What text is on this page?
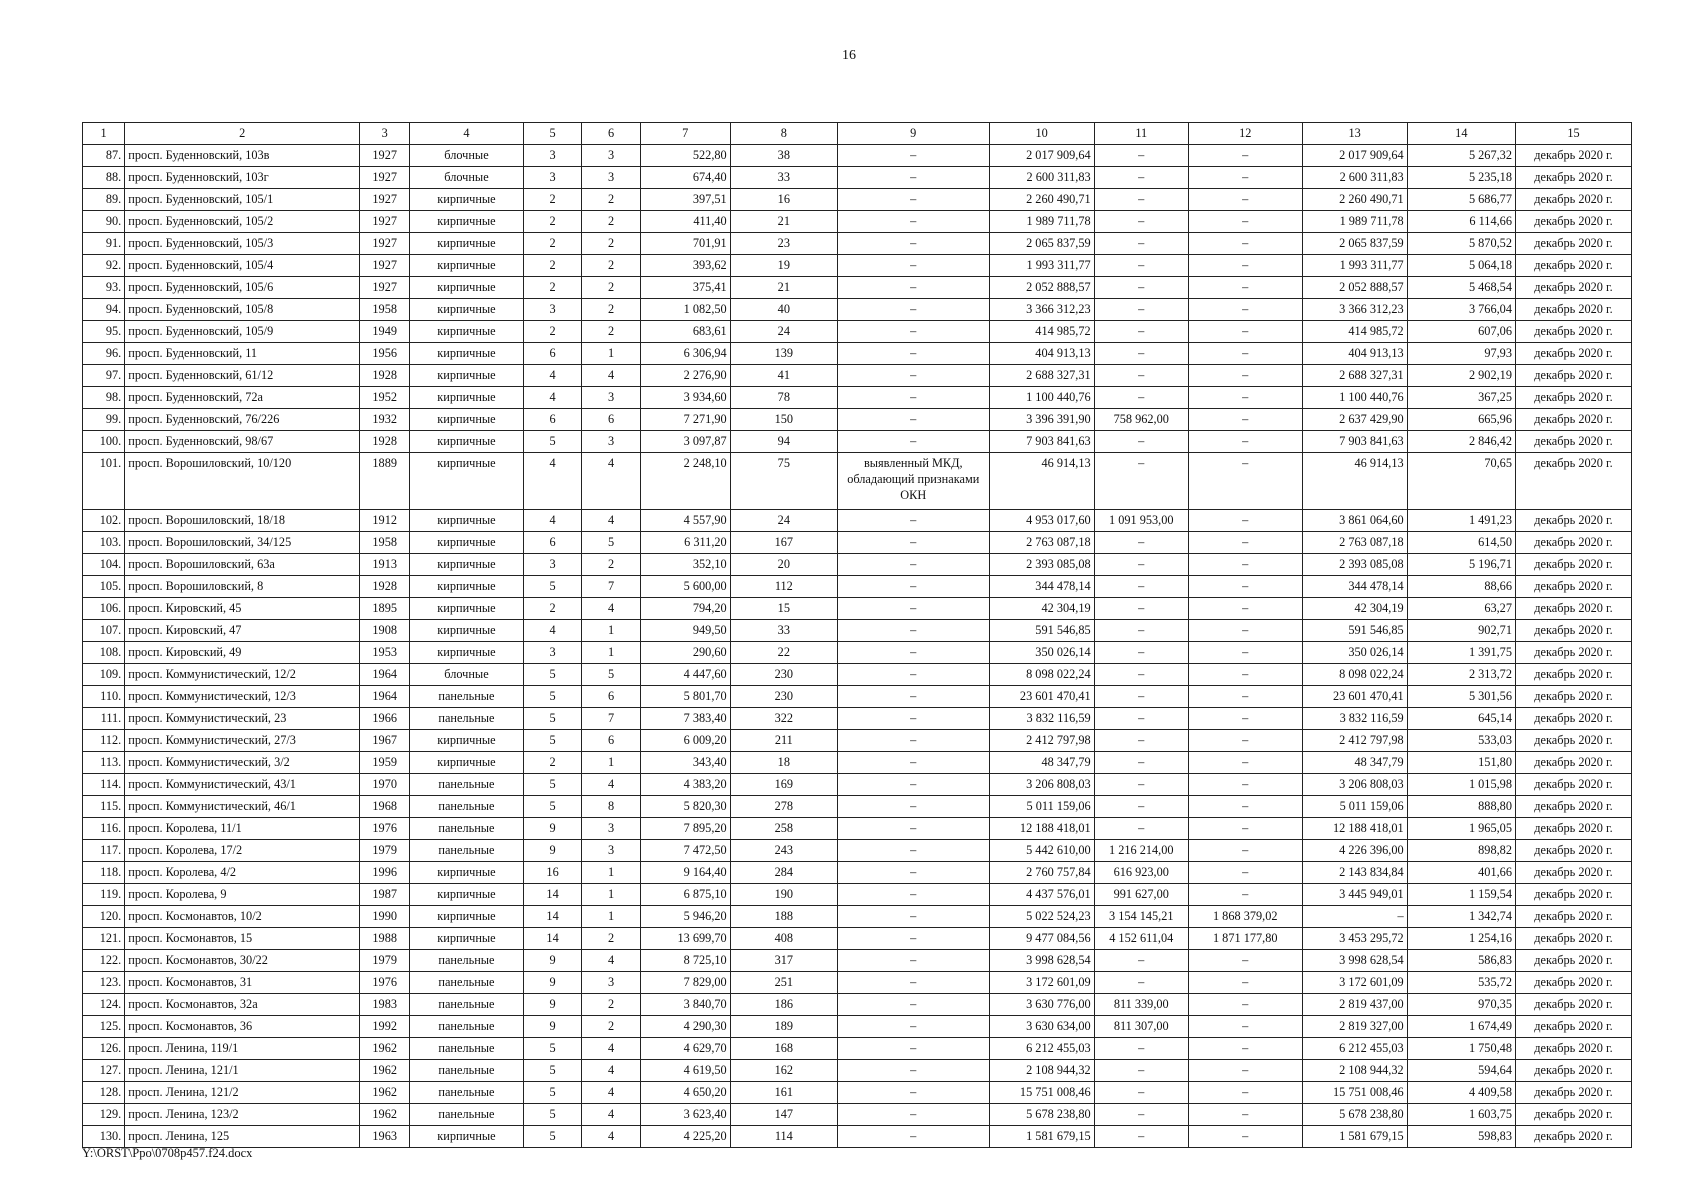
16
1	2	3	4	5	6	7	8	9	10	11	12	13	14	15
87.	просп. Буденновский, 103в	1927	блочные	3	3	522,80	38	–	2 017 909,64	–	–	2 017 909,64	5 267,32	декабрь 2020 г.
88.	просп. Буденновский, 103г	1927	блочные	3	3	674,40	33	–	2 600 311,83	–	–	2 600 311,83	5 235,18	декабрь 2020 г.
89.	просп. Буденновский, 105/1	1927	кирпичные	2	2	397,51	16	–	2 260 490,71	–	–	2 260 490,71	5 686,77	декабрь 2020 г.
90.	просп. Буденновский, 105/2	1927	кирпичные	2	2	411,40	21	–	1 989 711,78	–	–	1 989 711,78	6 114,66	декабрь 2020 г.
91.	просп. Буденновский, 105/3	1927	кирпичные	2	2	701,91	23	–	2 065 837,59	–	–	2 065 837,59	5 870,52	декабрь 2020 г.
92.	просп. Буденновский, 105/4	1927	кирпичные	2	2	393,62	19	–	1 993 311,77	–	–	1 993 311,77	5 064,18	декабрь 2020 г.
93.	просп. Буденновский, 105/6	1927	кирпичные	2	2	375,41	21	–	2 052 888,57	–	–	2 052 888,57	5 468,54	декабрь 2020 г.
94.	просп. Буденновский, 105/8	1958	кирпичные	3	2	1 082,50	40	–	3 366 312,23	–	–	3 366 312,23	3 766,04	декабрь 2020 г.
95.	просп. Буденновский, 105/9	1949	кирпичные	2	2	683,61	24	–	414 985,72	–	–	414 985,72	607,06	декабрь 2020 г.
96.	просп. Буденновский, 11	1956	кирпичные	6	1	6 306,94	139	–	404 913,13	–	–	404 913,13	97,93	декабрь 2020 г.
97.	просп. Буденновский, 61/12	1928	кирпичные	4	4	2 276,90	41	–	2 688 327,31	–	–	2 688 327,31	2 902,19	декабрь 2020 г.
98.	просп. Буденновский, 72а	1952	кирпичные	4	3	3 934,60	78	–	1 100 440,76	–	–	1 100 440,76	367,25	декабрь 2020 г.
99.	просп. Буденновский, 76/226	1932	кирпичные	6	6	7 271,90	150	–	3 396 391,90	758 962,00	–	2 637 429,90	665,96	декабрь 2020 г.
100.	просп. Буденновский, 98/67	1928	кирпичные	5	3	3 097,87	94	–	7 903 841,63	–	–	7 903 841,63	2 846,42	декабрь 2020 г.
101.	просп. Ворошиловский, 10/120	1889	кирпичные	4	4	2 248,10	75	выявленный МКД, обладающий признаками ОКН	46 914,13	–	–	46 914,13	70,65	декабрь 2020 г.
102.	просп. Ворошиловский, 18/18	1912	кирпичные	4	4	4 557,90	24	–	4 953 017,60	1 091 953,00	–	3 861 064,60	1 491,23	декабрь 2020 г.
103.	просп. Ворошиловский, 34/125	1958	кирпичные	6	5	6 311,20	167	–	2 763 087,18	–	–	2 763 087,18	614,50	декабрь 2020 г.
104.	просп. Ворошиловский, 63а	1913	кирпичные	3	2	352,10	20	–	2 393 085,08	–	–	2 393 085,08	5 196,71	декабрь 2020 г.
105.	просп. Ворошиловский, 8	1928	кирпичные	5	7	5 600,00	112	–	344 478,14	–	–	344 478,14	88,66	декабрь 2020 г.
106.	просп. Кировский, 45	1895	кирпичные	2	4	794,20	15	–	42 304,19	–	–	42 304,19	63,27	декабрь 2020 г.
107.	просп. Кировский, 47	1908	кирпичные	4	1	949,50	33	–	591 546,85	–	–	591 546,85	902,71	декабрь 2020 г.
108.	просп. Кировский, 49	1953	кирпичные	3	1	290,60	22	–	350 026,14	–	–	350 026,14	1 391,75	декабрь 2020 г.
109.	просп. Коммунистический, 12/2	1964	блочные	5	5	4 447,60	230	–	8 098 022,24	–	–	8 098 022,24	2 313,72	декабрь 2020 г.
110.	просп. Коммунистический, 12/3	1964	панельные	5	6	5 801,70	230	–	23 601 470,41	–	–	23 601 470,41	5 301,56	декабрь 2020 г.
111.	просп. Коммунистический, 23	1966	панельные	5	7	7 383,40	322	–	3 832 116,59	–	–	3 832 116,59	645,14	декабрь 2020 г.
112.	просп. Коммунистический, 27/3	1967	кирпичные	5	6	6 009,20	211	–	2 412 797,98	–	–	2 412 797,98	533,03	декабрь 2020 г.
113.	просп. Коммунистический, 3/2	1959	кирпичные	2	1	343,40	18	–	48 347,79	–	–	48 347,79	151,80	декабрь 2020 г.
114.	просп. Коммунистический, 43/1	1970	панельные	5	4	4 383,20	169	–	3 206 808,03	–	–	3 206 808,03	1 015,98	декабрь 2020 г.
115.	просп. Коммунистический, 46/1	1968	панельные	5	8	5 820,30	278	–	5 011 159,06	–	–	5 011 159,06	888,80	декабрь 2020 г.
116.	просп. Королева, 11/1	1976	панельные	9	3	7 895,20	258	–	12 188 418,01	–	–	12 188 418,01	1 965,05	декабрь 2020 г.
117.	просп. Королева, 17/2	1979	панельные	9	3	7 472,50	243	–	5 442 610,00	1 216 214,00	–	4 226 396,00	898,82	декабрь 2020 г.
118.	просп. Королева, 4/2	1996	кирпичные	16	1	9 164,40	284	–	2 760 757,84	616 923,00	–	2 143 834,84	401,66	декабрь 2020 г.
119.	просп. Королева, 9	1987	кирпичные	14	1	6 875,10	190	–	4 437 576,01	991 627,00	–	3 445 949,01	1 159,54	декабрь 2020 г.
120.	просп. Космонавтов, 10/2	1990	кирпичные	14	1	5 946,20	188	–	5 022 524,23	3 154 145,21	1 868 379,02	–	1 342,74	декабрь 2020 г.
121.	просп. Космонавтов, 15	1988	кирпичные	14	2	13 699,70	408	–	9 477 084,56	4 152 611,04	1 871 177,80	3 453 295,72	1 254,16	декабрь 2020 г.
122.	просп. Космонавтов, 30/22	1979	панельные	9	4	8 725,10	317	–	3 998 628,54	–	–	3 998 628,54	586,83	декабрь 2020 г.
123.	просп. Космонавтов, 31	1976	панельные	9	3	7 829,00	251	–	3 172 601,09	–	–	3 172 601,09	535,72	декабрь 2020 г.
124.	просп. Космонавтов, 32а	1983	панельные	9	2	3 840,70	186	–	3 630 776,00	811 339,00	–	2 819 437,00	970,35	декабрь 2020 г.
125.	просп. Космонавтов, 36	1992	панельные	9	2	4 290,30	189	–	3 630 634,00	811 307,00	–	2 819 327,00	1 674,49	декабрь 2020 г.
126.	просп. Ленина, 119/1	1962	панельные	5	4	4 629,70	168	–	6 212 455,03	–	–	6 212 455,03	1 750,48	декабрь 2020 г.
127.	просп. Ленина, 121/1	1962	панельные	5	4	4 619,50	162	–	2 108 944,32	–	–	2 108 944,32	594,64	декабрь 2020 г.
128.	просп. Ленина, 121/2	1962	панельные	5	4	4 650,20	161	–	15 751 008,46	–	–	15 751 008,46	4 409,58	декабрь 2020 г.
129.	просп. Ленина, 123/2	1962	панельные	5	4	3 623,40	147	–	5 678 238,80	–	–	5 678 238,80	1 603,75	декабрь 2020 г.
130.	просп. Ленина, 125	1963	кирпичные	5	4	4 225,20	114	–	1 581 679,15	–	–	1 581 679,15	598,83	декабрь 2020 г.
Y:\ORST\Ppo\0708p457.f24.docx
